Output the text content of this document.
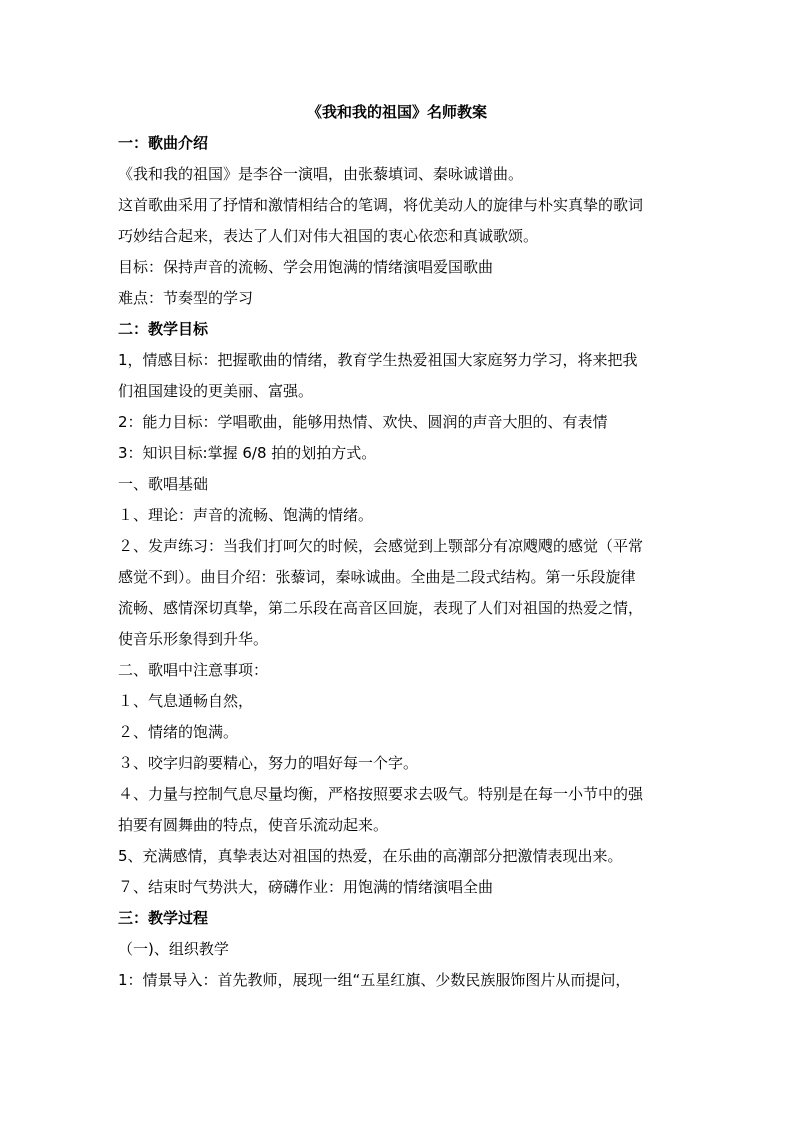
《我和我的祖国》名师教案

一：歌曲介绍

《我和我的祖国》是李谷一演唱，由张藜填词、秦咏诚谱曲。

这首歌曲采用了抒情和激情相结合的笔调，将优美动人的旋律与朴实真挚的歌词

巧妙结合起来，表达了人们对伟大祖国的衷心依恋和真诚歌颂。

目标：保持声音的流畅、学会用饱满的情绪演唱爱国歌曲

难点：节奏型的学习

二：教学目标

1，情感目标：把握歌曲的情绪，教育学生热爱祖国大家庭努力学习，将来把我

们祖国建设的更美丽、富强。

2：能力目标：学唱歌曲，能够用热情、欢快、圆润的声音大胆的、有表情

3：知识目标:掌握 6/8 拍的划拍方式。

一、歌唱基础

１、理论：声音的流畅、饱满的情绪。

２、发声练习：当我们打呵欠的时候，会感觉到上颚部分有凉飕飕的感觉（平常

感觉不到）。曲目介绍：张藜词，秦咏诚曲。全曲是二段式结构。第一乐段旋律

流畅、感情深切真挚，第二乐段在高音区回旋，表现了人们对祖国的热爱之情，

使音乐形象得到升华。

二、歌唱中注意事项：

１、气息通畅自然，

２、情绪的饱满。

３、咬字归韵要精心，努力的唱好每一个字。

４、力量与控制气息尽量均衡，严格按照要求去吸气。特别是在每一小节中的强

拍要有圆舞曲的特点，使音乐流动起来。

5、充满感情，真挚表达对祖国的热爱，在乐曲的高潮部分把激情表现出来。

７、结束时气势洪大，磅礴作业：用饱满的情绪演唱全曲

三：教学过程

（一)、组织教学

1：情景导入：首先教师，展现一组“五星红旗、少数民族服饰图片从而提问，
